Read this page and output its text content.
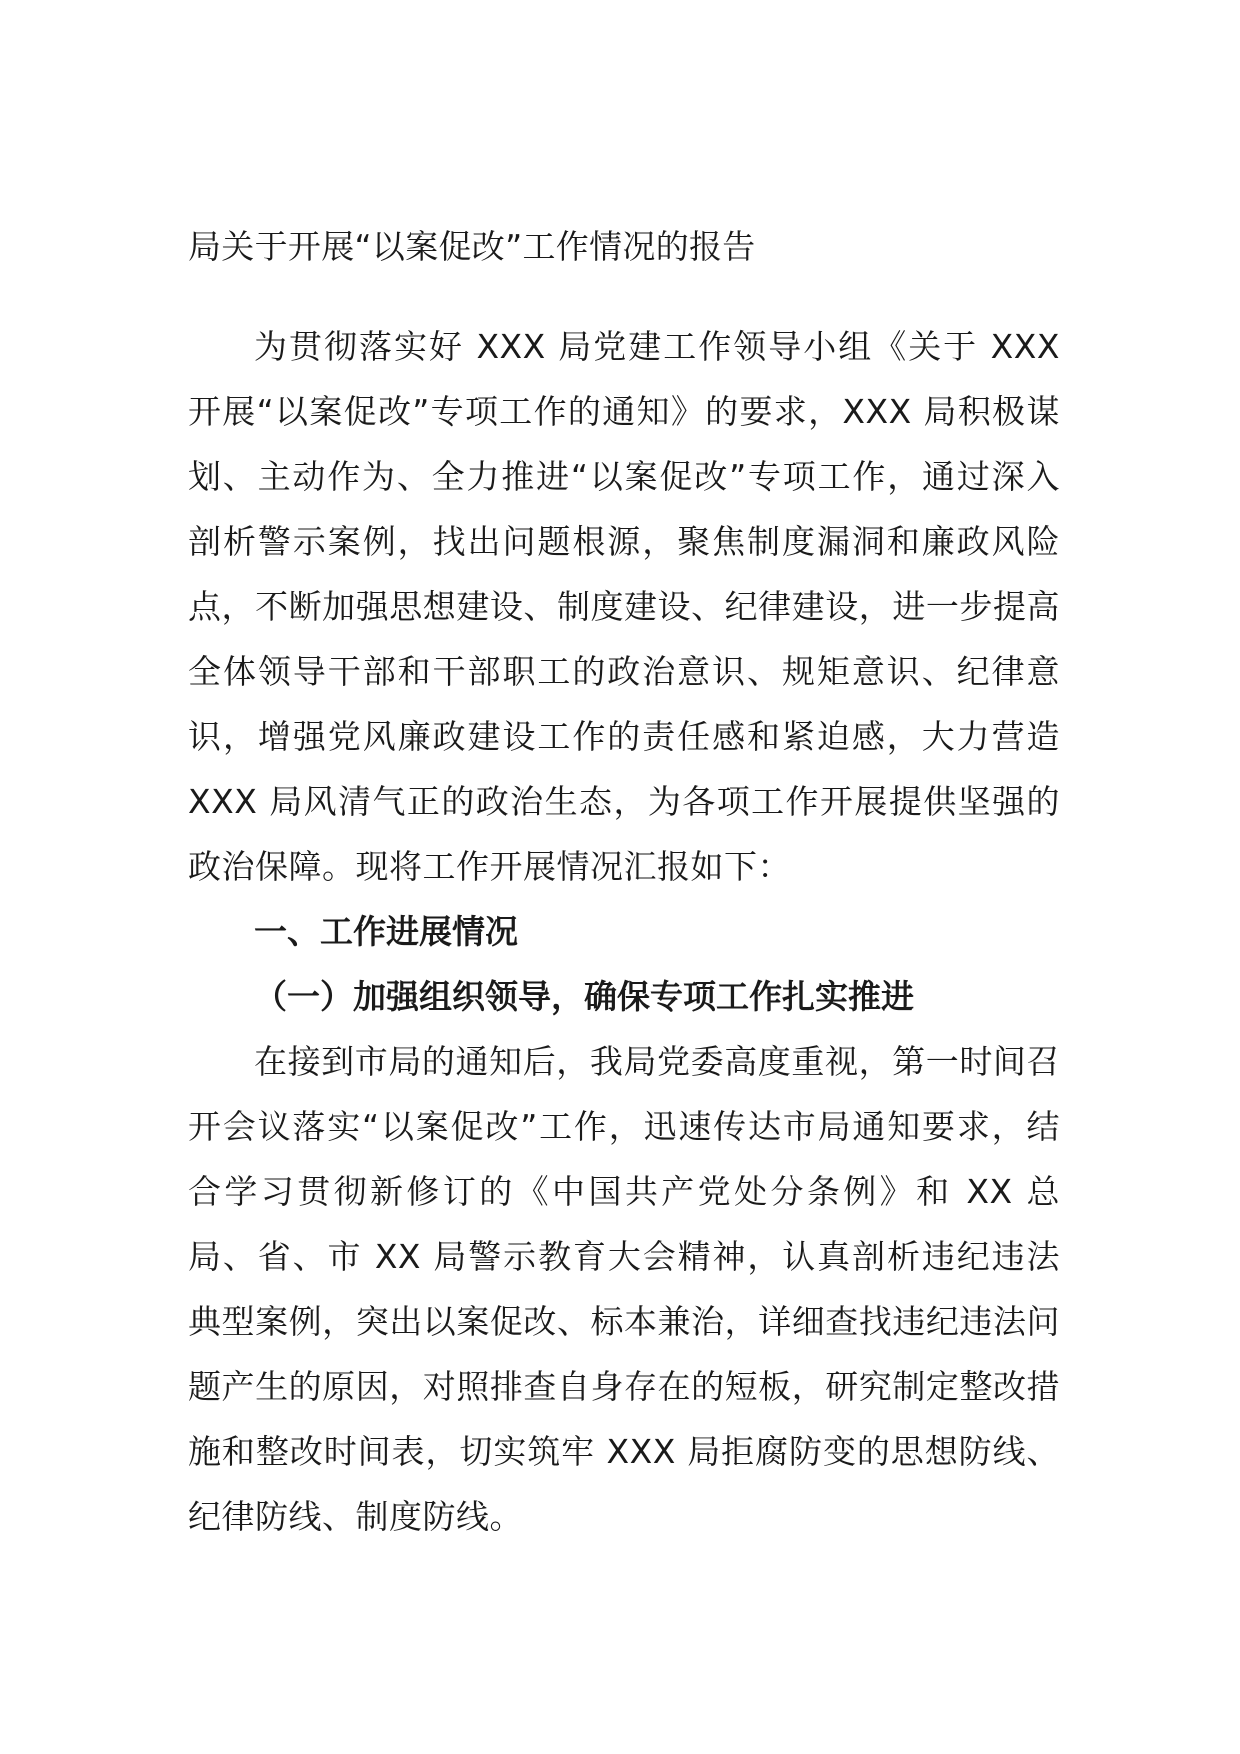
局关于开展“以案促改”工作情况的报告

为贯彻落实好 XXX 局党建工作领导小组《关于 XXX 开展“以案促改”专项工作的通知》的要求，XXX 局积极谋划、主动作为、全力推进“以案促改”专项工作，通过深入剖析警示案例，找出问题根源，聚焦制度漏洞和廉政风险点，不断加强思想建设、制度建设、纪律建设，进一步提高全体领导干部和干部职工的政治意识、规矩意识、纪律意识，增强党风廉政建设工作的责任感和紧迫感，大力营造 XXX 局风清气正的政治生态，为各项工作开展提供坚强的政治保障。现将工作开展情况汇报如下：

一、工作进展情况
（一）加强组织领导，确保专项工作扎实推进

在接到市局的通知后，我局党委高度重视，第一时间召开会议落实“以案促改”工作，迅速传达市局通知要求，结合学习贯彻新修订的《中国共产党处分条例》和 XX 总局、省、市 XX 局警示教育大会精神，认真剖析违纪违法典型案例，突出以案促改、标本兼治，详细查找违纪违法问题产生的原因，对照排查自身存在的短板，研究制定整改措施和整改时间表，切实筑牢 XXX 局拒腐防变的思想防线、纪律防线、制度防线。
